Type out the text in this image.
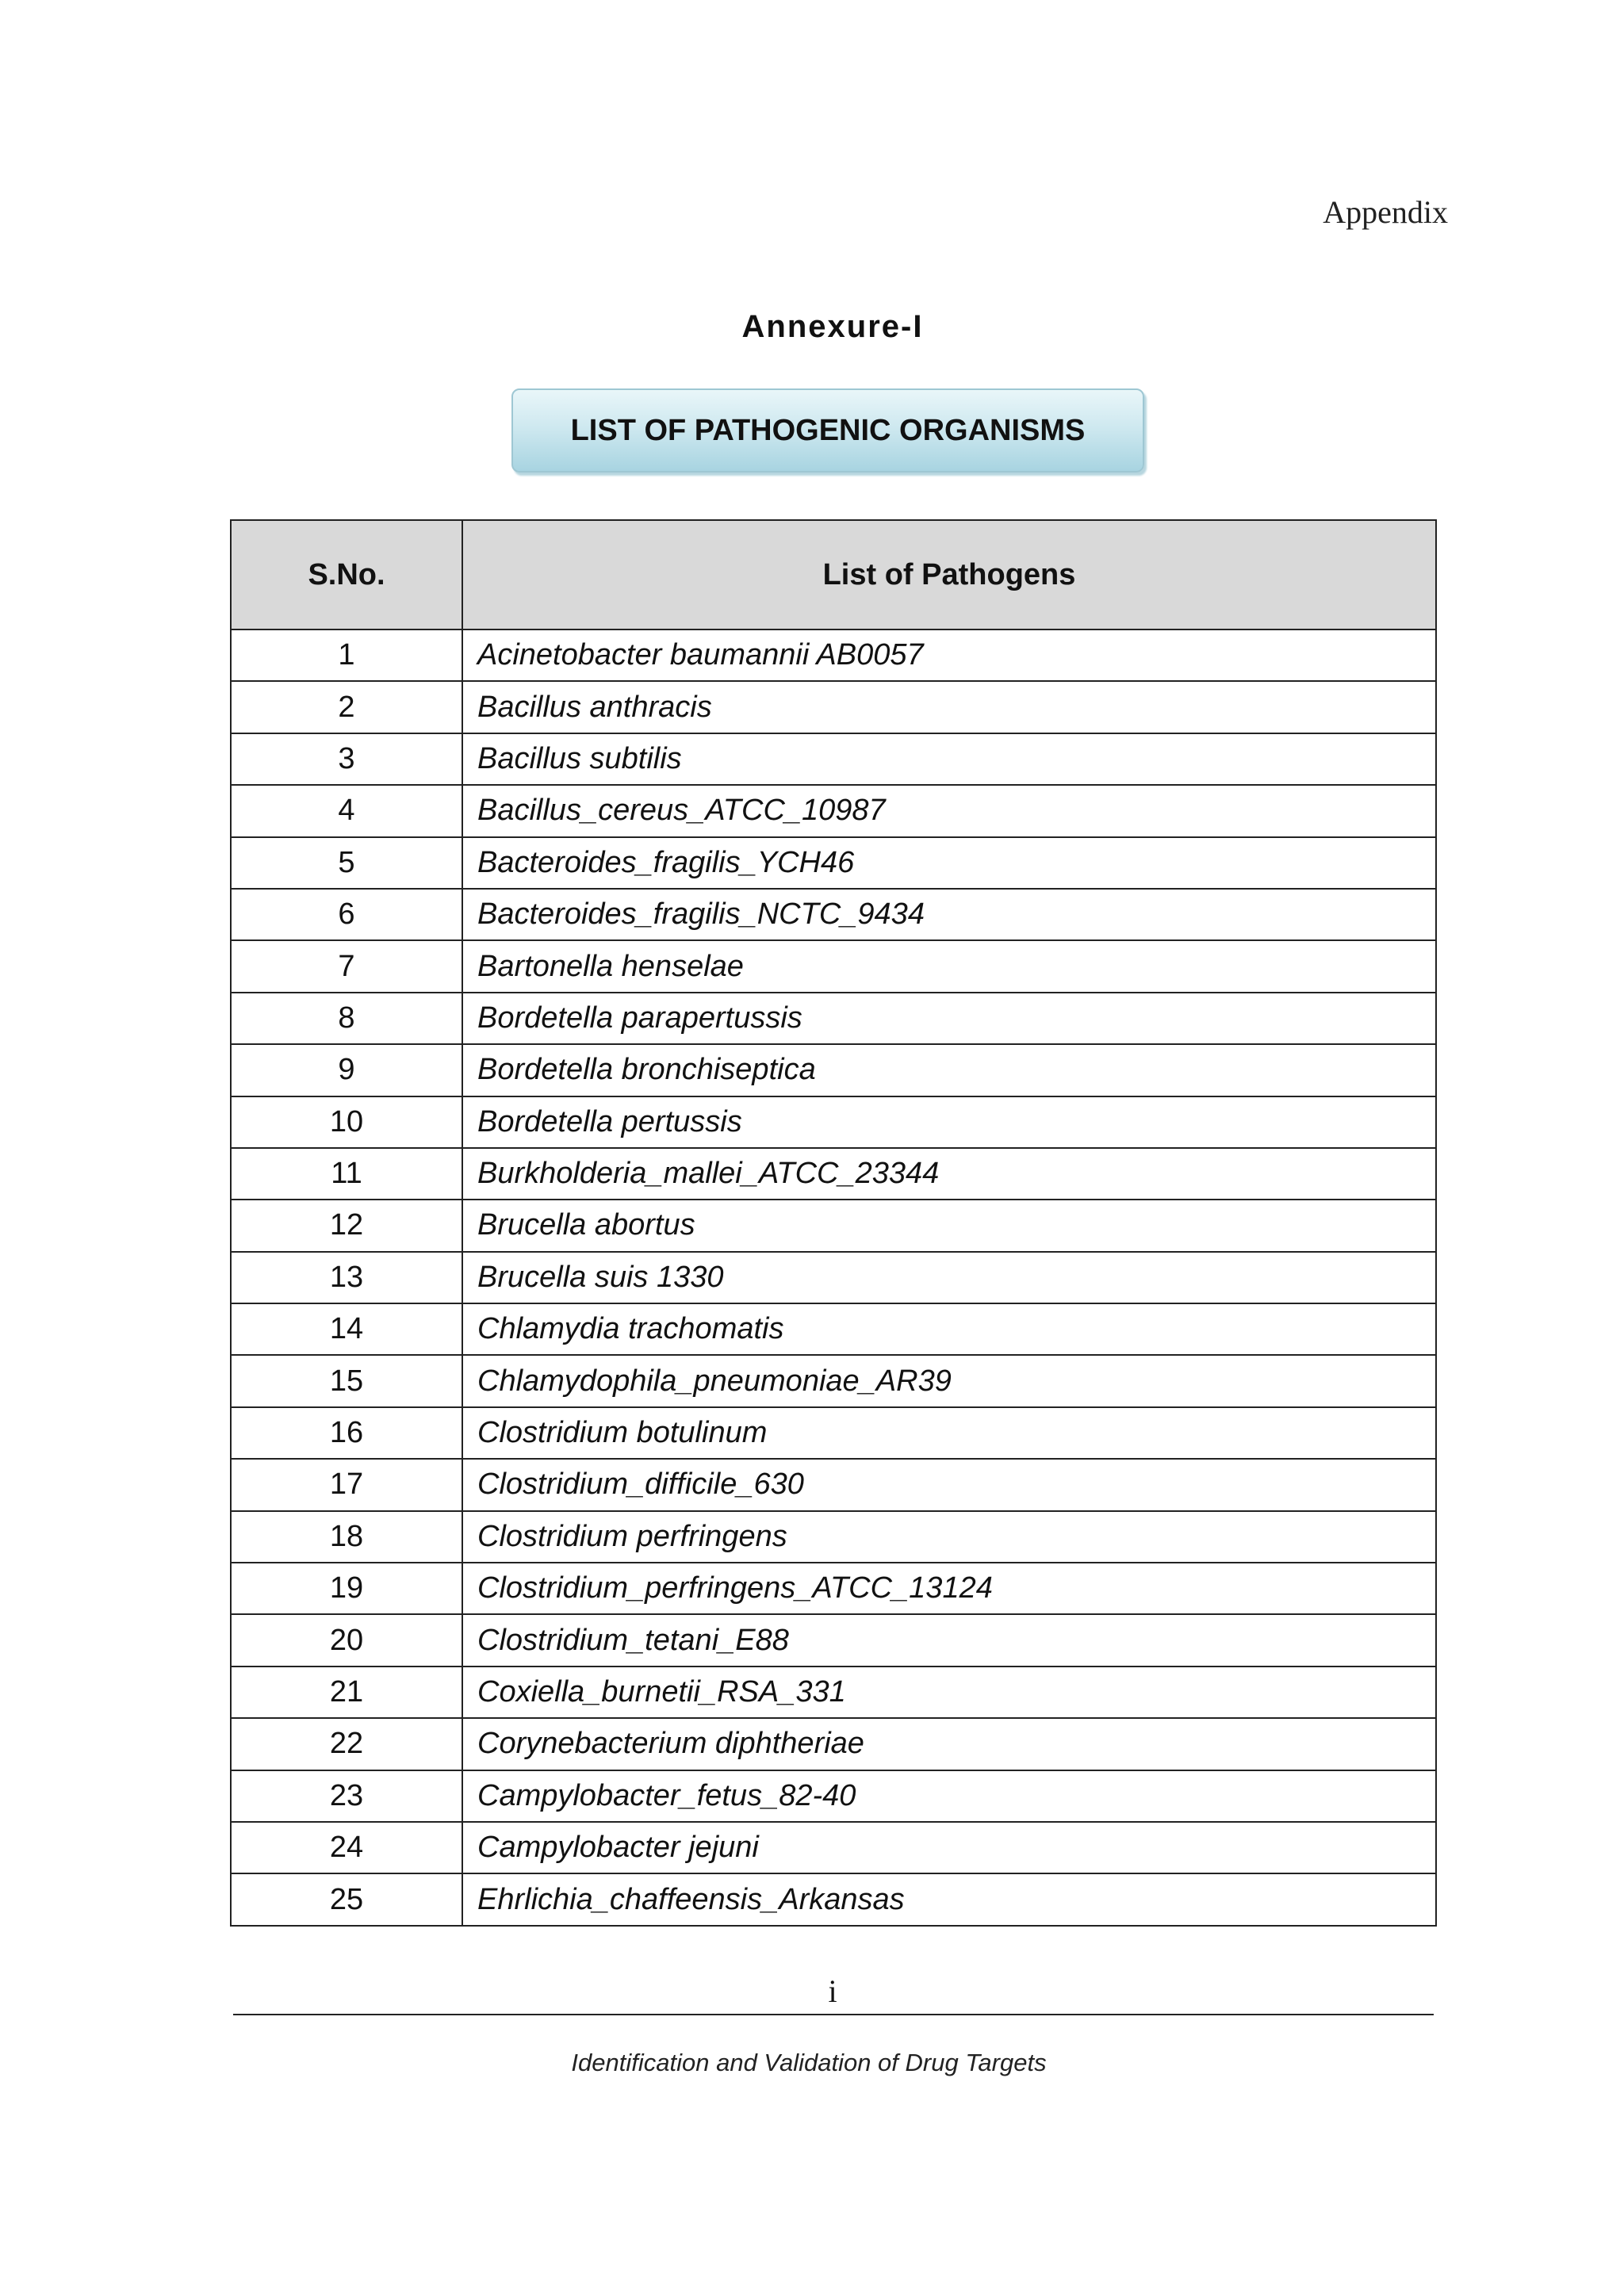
Appendix
Annexure-I
LIST OF PATHOGENIC ORGANISMS
S.No.	List of Pathogens
1	Acinetobacter baumannii AB0057
2	Bacillus anthracis
3	Bacillus subtilis
4	Bacillus_cereus_ATCC_10987
5	Bacteroides_fragilis_YCH46
6	Bacteroides_fragilis_NCTC_9434
7	Bartonella henselae
8	Bordetella parapertussis
9	Bordetella bronchiseptica
10	Bordetella pertussis
11	Burkholderia_mallei_ATCC_23344
12	Brucella abortus
13	Brucella suis 1330
14	Chlamydia trachomatis
15	Chlamydophila_pneumoniae_AR39
16	Clostridium botulinum
17	Clostridium_difficile_630
18	Clostridium perfringens
19	Clostridium_perfringens_ATCC_13124
20	Clostridium_tetani_E88
21	Coxiella_burnetii_RSA_331
22	Corynebacterium diphtheriae
23	Campylobacter_fetus_82-40
24	Campylobacter jejuni
25	Ehrlichia_chaffeensis_Arkansas
i
Identification and Validation of Drug Targets
